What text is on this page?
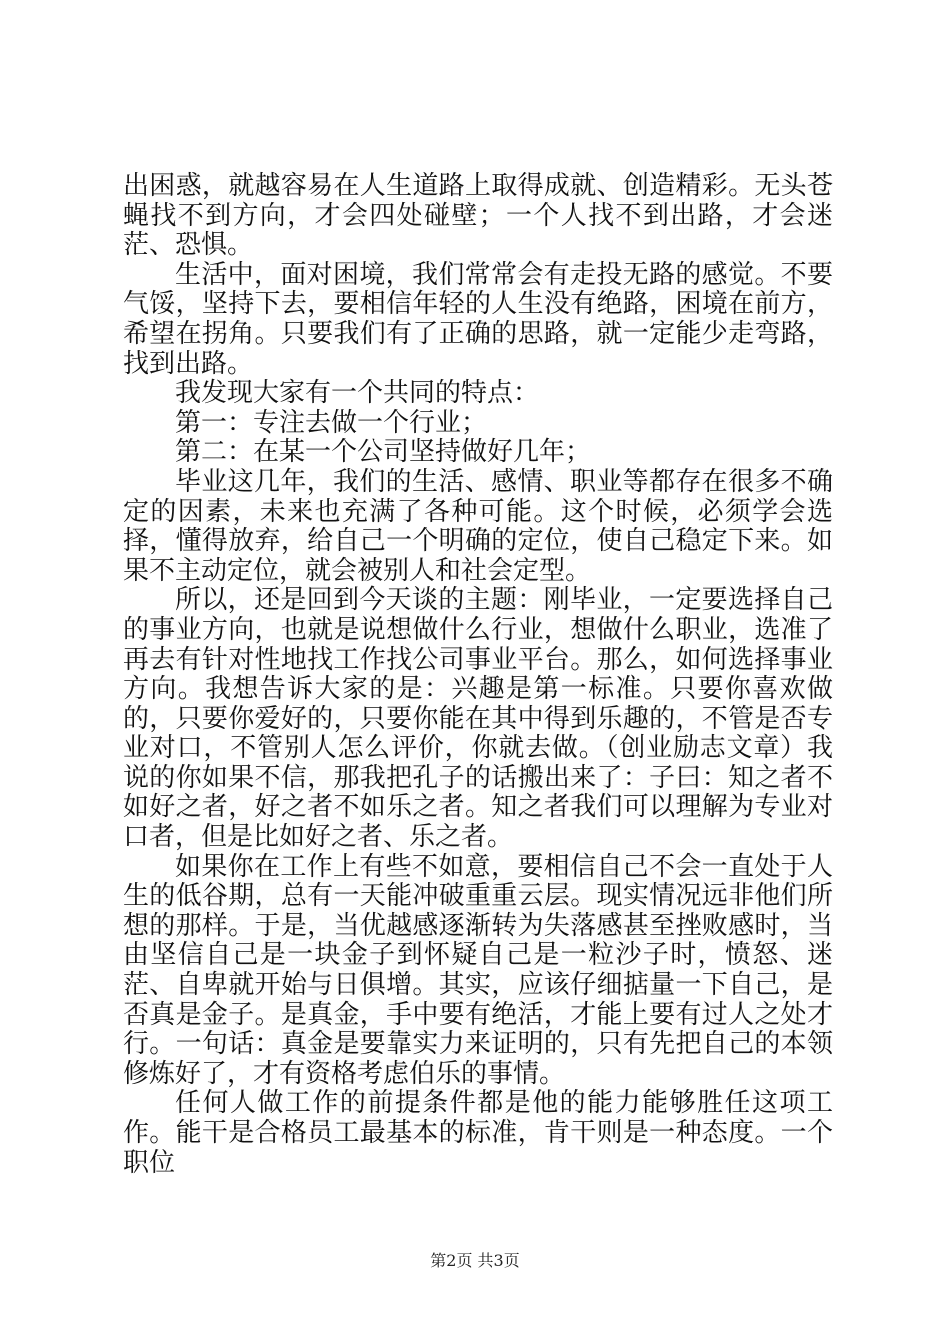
出困惑，就越容易在人生道路上取得成就、创造精彩。无头苍蝇找不到方向，才会四处碰壁；一个人找不到出路，才会迷茫、恐惧。

生活中，面对困境，我们常常会有走投无路的感觉。不要气馁，坚持下去，要相信年轻的人生没有绝路，困境在前方，希望在拐角。只要我们有了正确的思路，就一定能少走弯路，找到出路。

我发现大家有一个共同的特点：

第一：专注去做一个行业；

第二：在某一个公司坚持做好几年；

毕业这几年，我们的生活、感情、职业等都存在很多不确定的因素，未来也充满了各种可能。这个时候，必须学会选择，懂得放弃，给自己一个明确的定位，使自己稳定下来。如果不主动定位，就会被别人和社会定型。

所以，还是回到今天谈的主题：刚毕业，一定要选择自己的事业方向，也就是说想做什么行业，想做什么职业，选准了再去有针对性地找工作找公司事业平台。那么，如何选择事业方向。我想告诉大家的是：兴趣是第一标准。只要你喜欢做的，只要你爱好的，只要你能在其中得到乐趣的，不管是否专业对口，不管别人怎么评价，你就去做。（创业励志文章）我说的你如果不信，那我把孔子的话搬出来了：子曰：知之者不如好之者，好之者不如乐之者。知之者我们可以理解为专业对口者，但是比如好之者、乐之者。

如果你在工作上有些不如意，要相信自己不会一直处于人生的低谷期，总有一天能冲破重重云层。现实情况远非他们所想的那样。于是，当优越感逐渐转为失落感甚至挫败感时，当由坚信自己是一块金子到怀疑自己是一粒沙子时，愤怒、迷茫、自卑就开始与日俱增。其实，应该仔细掂量一下自己，是否真是金子。是真金，手中要有绝活，才能上要有过人之处才行。一句话：真金是要靠实力来证明的，只有先把自己的本领修炼好了，才有资格考虑伯乐的事情。

任何人做工作的前提条件都是他的能力能够胜任这项工作。能干是合格员工最基本的标准，肯干则是一种态度。一个职位

第2页 共3页
